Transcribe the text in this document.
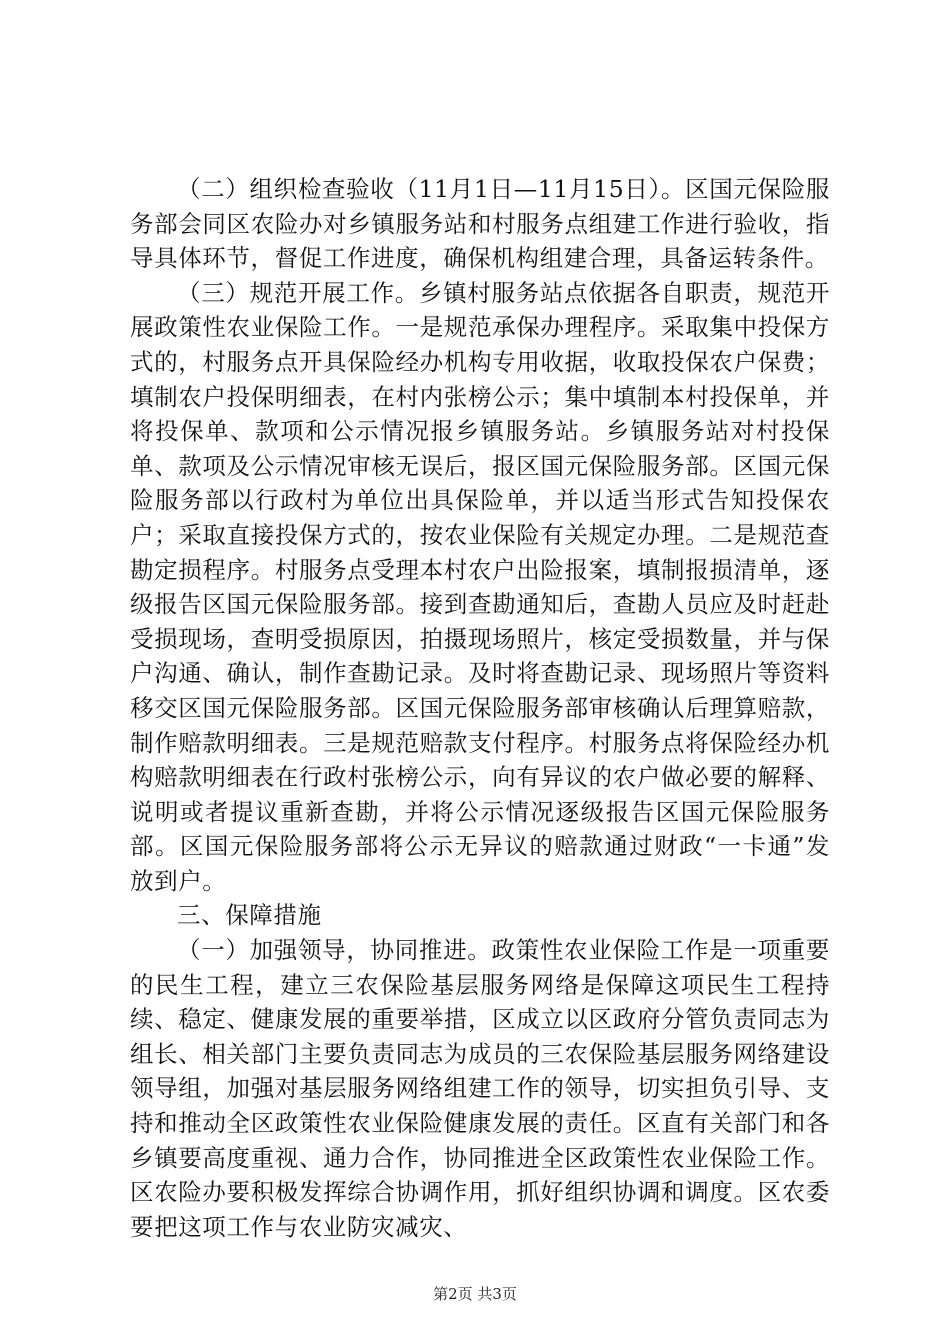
（二）组织检查验收（11月1日—11月15日）。区国元保险服务部会同区农险办对乡镇服务站和村服务点组建工作进行验收，指导具体环节，督促工作进度，确保机构组建合理，具备运转条件。

（三）规范开展工作。乡镇村服务站点依据各自职责，规范开展政策性农业保险工作。一是规范承保办理程序。采取集中投保方式的，村服务点开具保险经办机构专用收据，收取投保农户保费；填制农户投保明细表，在村内张榜公示；集中填制本村投保单，并将投保单、款项和公示情况报乡镇服务站。乡镇服务站对村投保单、款项及公示情况审核无误后，报区国元保险服务部。区国元保险服务部以行政村为单位出具保险单，并以适当形式告知投保农户；采取直接投保方式的，按农业保险有关规定办理。二是规范查勘定损程序。村服务点受理本村农户出险报案，填制报损清单，逐级报告区国元保险服务部。接到查勘通知后，查勘人员应及时赶赴受损现场，查明受损原因，拍摄现场照片，核定受损数量，并与保户沟通、确认，制作查勘记录。及时将查勘记录、现场照片等资料移交区国元保险服务部。区国元保险服务部审核确认后理算赔款，制作赔款明细表。三是规范赔款支付程序。村服务点将保险经办机构赔款明细表在行政村张榜公示，向有异议的农户做必要的解释、说明或者提议重新查勘，并将公示情况逐级报告区国元保险服务部。区国元保险服务部将公示无异议的赔款通过财政“一卡通”发放到户。

三、保障措施

（一）加强领导，协同推进。政策性农业保险工作是一项重要的民生工程，建立三农保险基层服务网络是保障这项民生工程持续、稳定、健康发展的重要举措，区成立以区政府分管负责同志为组长、相关部门主要负责同志为成员的三农保险基层服务网络建设领导组，加强对基层服务网络组建工作的领导，切实担负引导、支持和推动全区政策性农业保险健康发展的责任。区直有关部门和各乡镇要高度重视、通力合作，协同推进全区政策性农业保险工作。区农险办要积极发挥综合协调作用，抓好组织协调和调度。区农委要把这项工作与农业防灾减灾、

第2页 共3页
